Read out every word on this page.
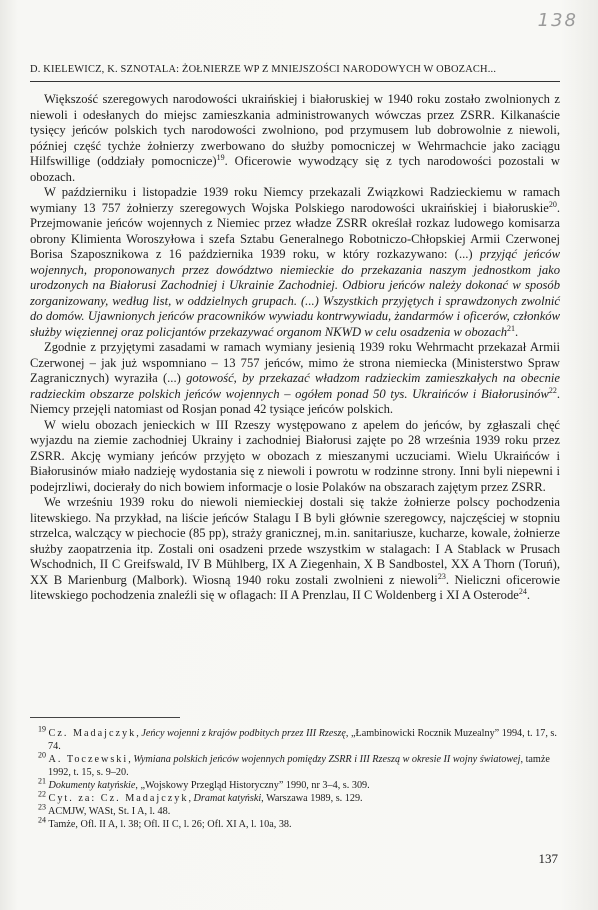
138
D. KIELEWICZ, K. SZNOTALA: ŻOŁNIERZE WP Z MNIEJSZOŚCI NARODOWYCH W OBOZACH...

Większość szeregowych narodowości ukraińskiej i białoruskiej w 1940 roku zostało zwolnionych z niewoli i odesłanych do miejsc zamieszkania administrowanych wówczas przez ZSRR. Kilkanaście tysięcy jeńców polskich tych narodowości zwolniono, pod przymusem lub dobrowolnie z niewoli, później część tychże żołnierzy zwerbowano do służby pomocniczej w Wehrmachcie jako zaciągu Hilfswillige (oddziały pomocnicze)$^{19}$. Oficerowie wywodzący się z tych narodowości pozostali w obozach.

W październiku i listopadzie 1939 roku Niemcy przekazali Związkowi Radzieckiemu w ramach wymiany 13 757 żołnierzy szeregowych Wojska Polskiego narodowości ukraińskiej i białoruskie$^{20}$. Przejmowanie jeńców wojennych z Niemiec przez władze ZSRR określał rozkaz ludowego komisarza obrony Klimienta Woroszyłowa i szefa Sztabu Generalnego Robotniczo-Chłopskiej Armii Czerwonej Borisa Szaposznikowa z 16 października 1939 roku, w który rozkazywano: (...) przyjąć jeńców wojennych, proponowanych przez dowództwo niemieckie do przekazania naszym jednostkom jako urodzonych na Białorusi Zachodniej i Ukrainie Zachodniej. Odbioru jeńców należy dokonać w sposób zorganizowany, według list, w oddzielnych grupach. (...) Wszystkich przyjętych i sprawdzonych zwolnić do domów. Ujawnionych jeńców pracowników wywiadu kontrwywiadu, żandarmów i oficerów, członków służby więziennej oraz policjantów przekazywać organom NKWD w celu osadzenia w obozach$^{21}$.

Zgodnie z przyjętymi zasadami w ramach wymiany jesienią 1939 roku Wehrmacht przekazał Armii Czerwonej – jak już wspomniano – 13 757 jeńców, mimo że strona niemiecka (Ministerstwo Spraw Zagranicznych) wyraziła (...) gotowość, by przekazać władzom radzieckim zamieszkałych na obecnie radzieckim obszarze polskich jeńców wojennych – ogółem ponad 50 tys. Ukraińców i Białorusinów$^{22}$. Niemcy przejęli natomiast od Rosjan ponad 42 tysiące jeńców polskich.

W wielu obozach jenieckich w III Rzeszy występowano z apelem do jeńców, by zgłaszali chęć wyjazdu na ziemie zachodniej Ukrainy i zachodniej Białorusi zajęte po 28 września 1939 roku przez ZSRR. Akcję wymiany jeńców przyjęto w obozach z mieszanymi uczuciami. Wielu Ukraińców i Białorusinów miało nadzieję wydostania się z niewoli i powrotu w rodzinne strony. Inni byli niepewni i podejrzliwi, docierały do nich bowiem informacje o losie Polaków na obszarach zajętym przez ZSRR.

We wrześniu 1939 roku do niewoli niemieckiej dostali się także żołnierze polscy pochodzenia litewskiego. Na przykład, na liście jeńców Stalagu I B byli głównie szeregowcy, najczęściej w stopniu strzelca, walczący w piechocie (85 pp), straży granicznej, m.in. sanitariusze, kucharze, kowale, żołnierze służby zaopatrzenia itp. Zostali oni osadzeni przede wszystkim w stalagach: I A Stablack w Prusach Wschodnich, II C Greifswald, IV B Mühlberg, IX A Ziegenhain, X B Sandbostel, XX A Thorn (Toruń), XX B Marienburg (Malbork). Wiosną 1940 roku zostali zwolnieni z niewoli$^{23}$. Nieliczni oficerowie litewskiego pochodzenia znaleźli się w oflagach: II A Prenzlau, II C Woldenberg i XI A Osterode$^{24}$.

$^{19}$ Cz. Madajczyk, Jeńcy wojenni z krajów podbitych przez III Rzeszę, „Łambinowicki Rocznik Muzealny” 1994, t. 17, s. 74.

$^{20}$ A. Toczewski, Wymiana polskich jeńców wojennych pomiędzy ZSRR i III Rzeszą w okresie II wojny światowej, tamże 1992, t. 15, s. 9–20.

$^{21}$ Dokumenty katyńskie, „Wojskowy Przegląd Historyczny” 1990, nr 3–4, s. 309.

$^{22}$ Cyt. za: Cz. Madajczyk, Dramat katyński, Warszawa 1989, s. 129.

$^{23}$ ACMJW, WASt, St. I A, l. 48.

$^{24}$ Tamże, Ofl. II A, l. 38; Ofl. II C, l. 26; Ofl. XI A, l. 10a, 38.

137
